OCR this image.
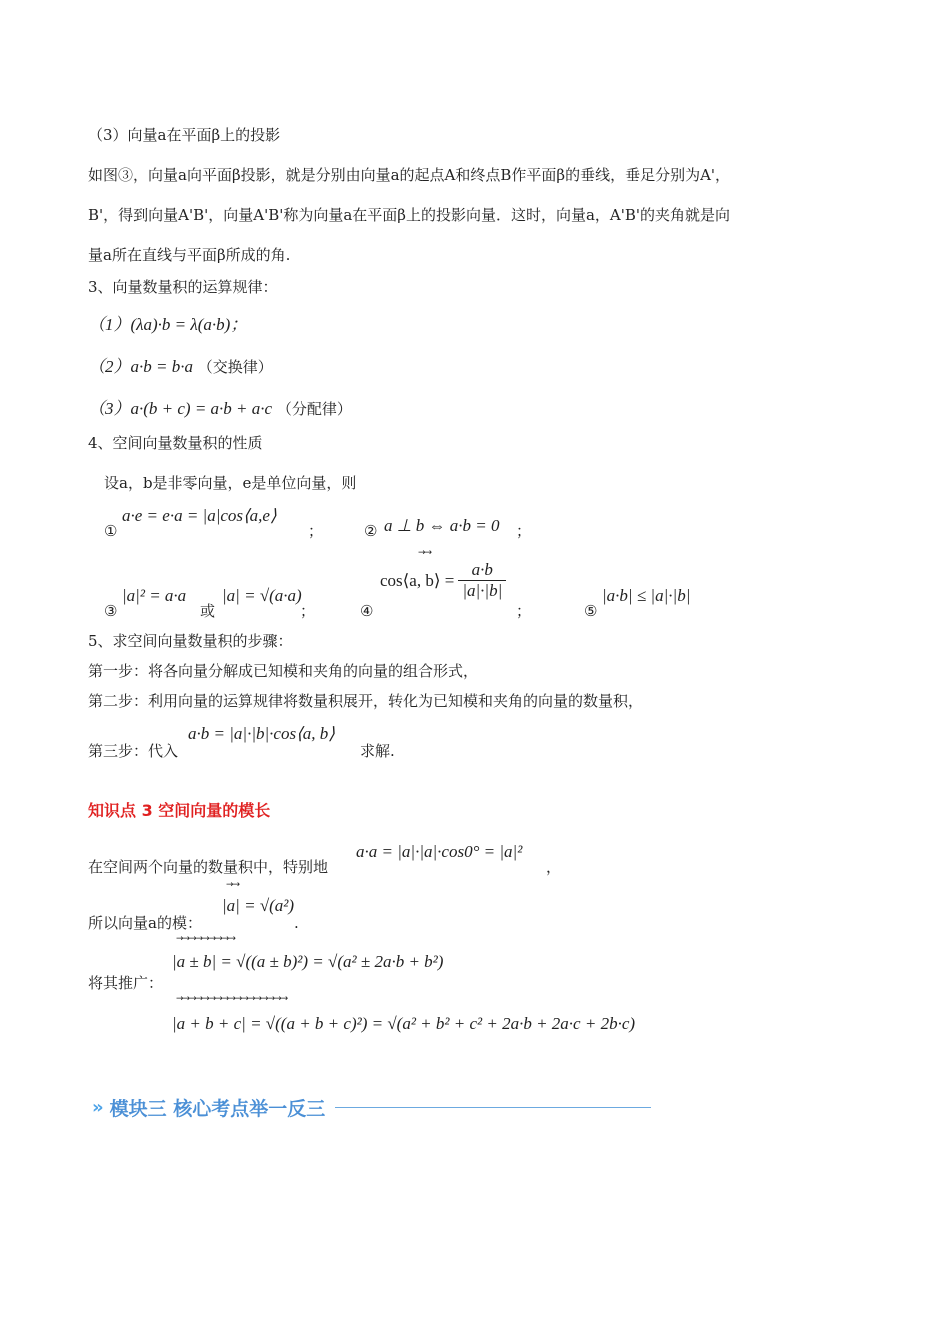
（3）向量a在平面β上的投影
如图③，向量a向平面β投影，就是分别由向量a的起点A和终点B作平面β的垂线，垂足分别为A'，
B'，得到向量A'B'，向量A'B'称为向量a在平面β上的投影向量．这时，向量a，A'B'的夹角就是向
量a所在直线与平面β所成的角.
3、向量数量积的运算规律：
（1）(λa)·b = λ(a·b)；
（2）a·b = b·a （交换律）
（3）a·(b + c) = a·b + a·c （分配律）
4、空间向量数量积的性质
设a，b是非零向量，e是单位向量，则
①
a·e = e·a = |a|cos⟨a,e⟩
；	② a ⊥ b ⇔ a·b = 0 ；
③
|a|² = a·a
或
|a| = √(a·a)
；	④
→→
cos⟨a, b⟩ = $\frac{a\cdot b}{|a|\cdot|b|}$
；	⑤
|a·b| ≤ |a|·|b|
5、求空间向量数量积的步骤：
第一步：将各向量分解成已知模和夹角的向量的组合形式，
第二步：利用向量的运算规律将数量积展开，转化为已知模和夹角的向量的数量积，
第三步：代入
a·b = |a|·|b|·cos⟨a, b⟩
求解.
知识点 3 空间向量的模长
在空间两个向量的数量积中，特别地
a·a = |a|·|a|·cos0° = |a|²
，
→→
所以向量a的模：
|a| = √(a²)
.
→→→→→→→→→
将其推广：
|a ± b| = √((a ± b)²) = √(a² ± 2a·b + b²)
→→→→→→→→→→→→→→→→→
|a + b + c| = √((a + b + c)²) = √(a² + b² + c² + 2a·b + 2a·c + 2b·c)
» 模块三 核心考点举一反三
